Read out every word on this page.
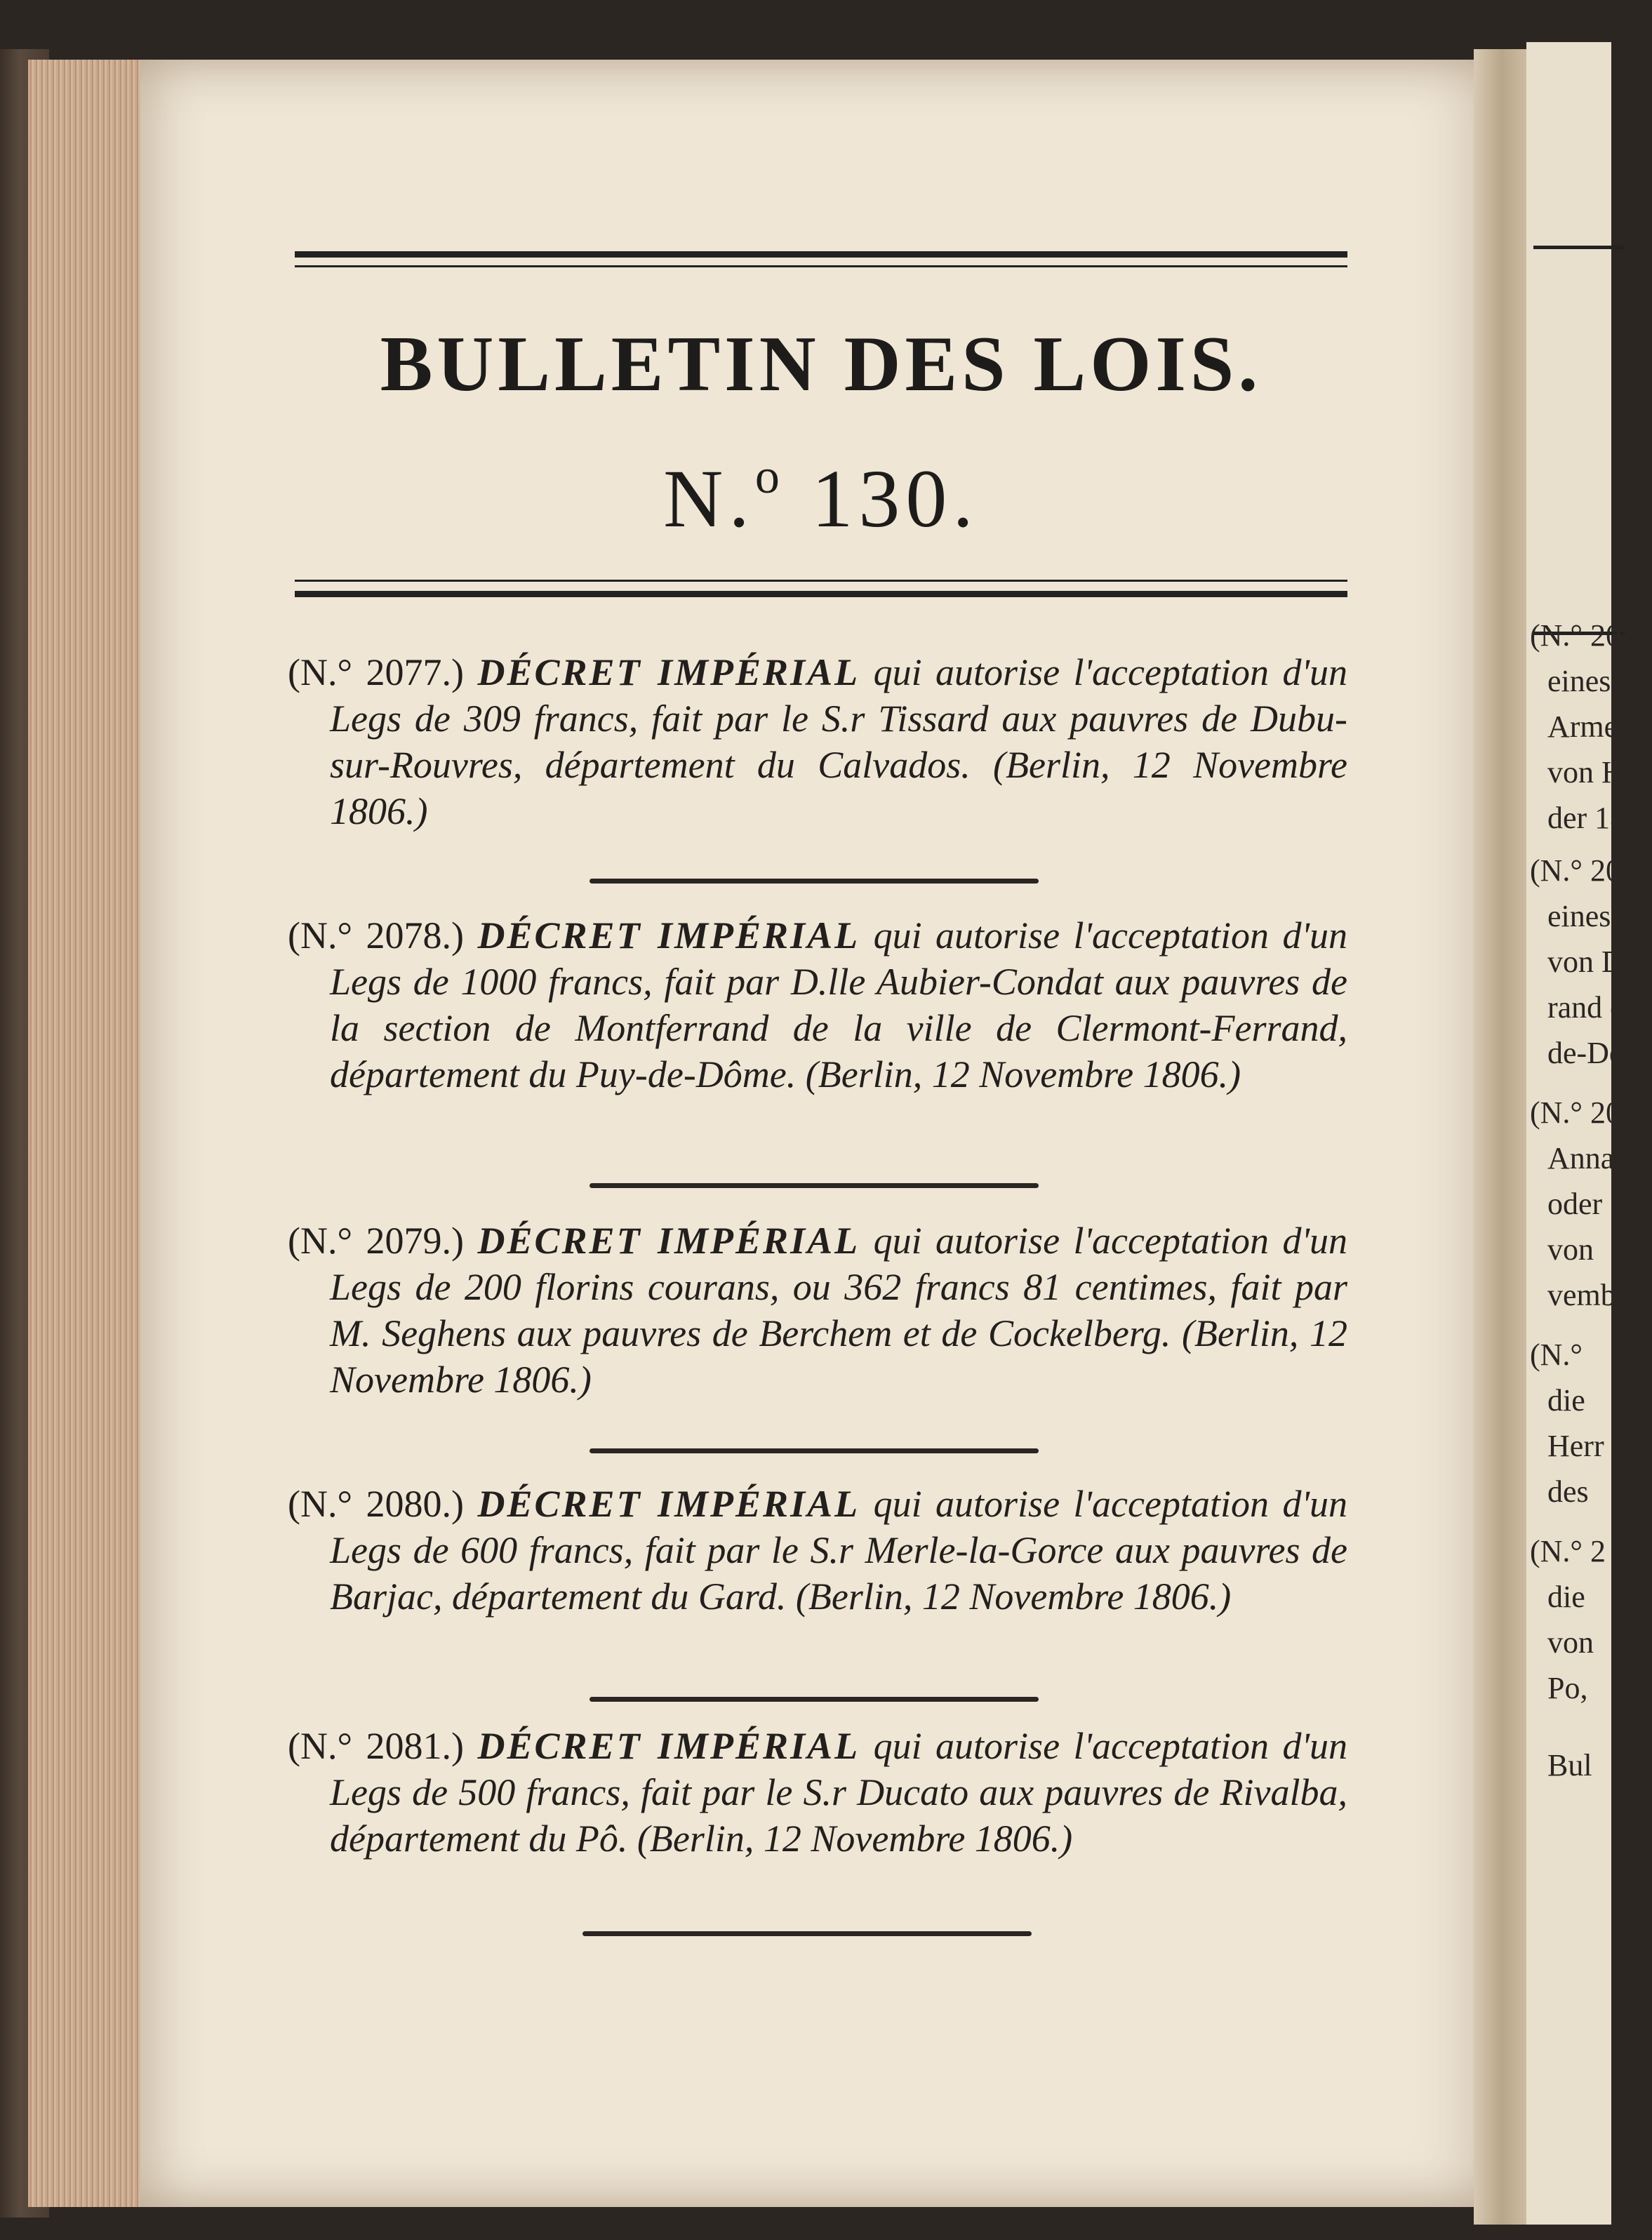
BULLETIN DES LOIS.
N.$^o$ 130.

(N.° 2077.) DÉCRET IMPÉRIAL qui autorise l'acceptation d'un Legs de 309 francs, fait par le S.r Tissard aux pauvres de Dubu-sur-Rouvres, département du Calvados. (Berlin, 12 Novembre 1806.)

(N.° 2078.) DÉCRET IMPÉRIAL qui autorise l'acceptation d'un Legs de 1000 francs, fait par D.lle Aubier-Condat aux pauvres de la section de Montferrand de la ville de Clermont-Ferrand, département du Puy-de-Dôme. (Berlin, 12 Novembre 1806.)

(N.° 2079.) DÉCRET IMPÉRIAL qui autorise l'acceptation d'un Legs de 200 florins courans, ou 362 francs 81 centimes, fait par M. Seghens aux pauvres de Berchem et de Cockelberg. (Berlin, 12 Novembre 1806.)

(N.° 2080.) DÉCRET IMPÉRIAL qui autorise l'acceptation d'un Legs de 600 francs, fait par le S.r Merle-la-Gorce aux pauvres de Barjac, département du Gard. (Berlin, 12 Novembre 1806.)

(N.° 2081.) DÉCRET IMPÉRIAL qui autorise l'acceptation d'un Legs de 500 francs, fait par le S.r Ducato aux pauvres de Rivalba, département du Pô. (Berlin, 12 Novembre 1806.)

(N.° 207
eines V
Armen
von He
der 180
(N.° 2078
eines V
von D.
rand de
de-Do
(N.° 20
Annal
oder
von
vemb
(N.°
die
Herr
des
(N.° 2
die
von
Po,
Bul
